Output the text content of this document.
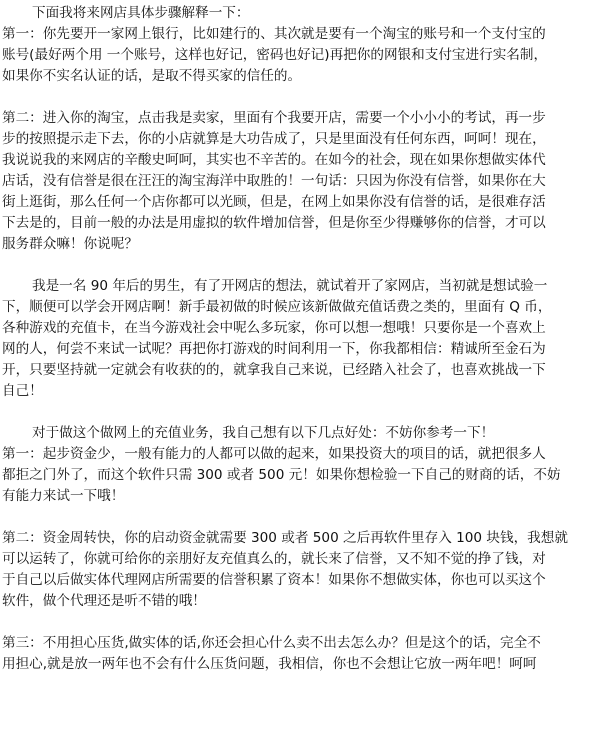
下面我将来网店具体步骤解释一下：
第一：你先要开一家网上银行，比如建行的、其次就是要有一个淘宝的账号和一个支付宝的
账号(最好两个用 一个账号，这样也好记，密码也好记)再把你的网银和支付宝进行实名制，
如果你不实名认证的话，是取不得买家的信任的。
第二：进入你的淘宝，点击我是卖家，里面有个我要开店，需要一个小小小的考试，再一步
步的按照提示走下去，你的小店就算是大功告成了，只是里面没有任何东西，呵呵！现在，
我说说我的来网店的辛酸史呵呵，其实也不辛苦的。在如今的社会，现在如果你想做实体代
店话，没有信誉是很在汪汪的淘宝海洋中取胜的！一句话：只因为你没有信誉，如果你在大
街上逛街，那么任何一个店你都可以光顾，但是，在网上如果你没有信誉的话，是很难存活
下去是的，目前一般的办法是用虚拟的软件增加信誉，但是你至少得赚够你的信誉，才可以
服务群众嘛！你说呢？
我是一名 90 年后的男生，有了开网店的想法，就试着开了家网店，当初就是想试验一
下，顺便可以学会开网店啊！新手最初做的时候应该新做做充值话费之类的，里面有 Q 币，
各种游戏的充值卡，在当今游戏社会中呢么多玩家，你可以想一想哦！只要你是一个喜欢上
网的人，何尝不来试一试呢？再把你打游戏的时间利用一下，你我都相信：精诚所至金石为
开，只要坚持就一定就会有收获的的，就拿我自己来说，已经踏入社会了，也喜欢挑战一下
自己！
对于做这个做网上的充值业务，我自己想有以下几点好处：不妨你参考一下！
第一：起步资金少，一般有能力的人都可以做的起来，如果投资大的项目的话，就把很多人
都拒之门外了，而这个软件只需 300 或者 500 元！如果你想检验一下自己的财商的话，不妨
有能力来试一下哦！
第二：资金周转快，你的启动资金就需要 300 或者 500 之后再软件里存入 100 块钱，我想就
可以运转了，你就可给你的亲朋好友充值真么的，就长来了信誉，又不知不觉的挣了钱，对
于自己以后做实体代理网店所需要的信誉积累了资本！如果你不想做实体，你也可以买这个
软件，做个代理还是听不错的哦！
第三：不用担心压货,做实体的话,你还会担心什么卖不出去怎么办？但是这个的话，完全不
用担心,就是放一两年也不会有什么压货问题，我相信，你也不会想让它放一两年吧！呵呵
